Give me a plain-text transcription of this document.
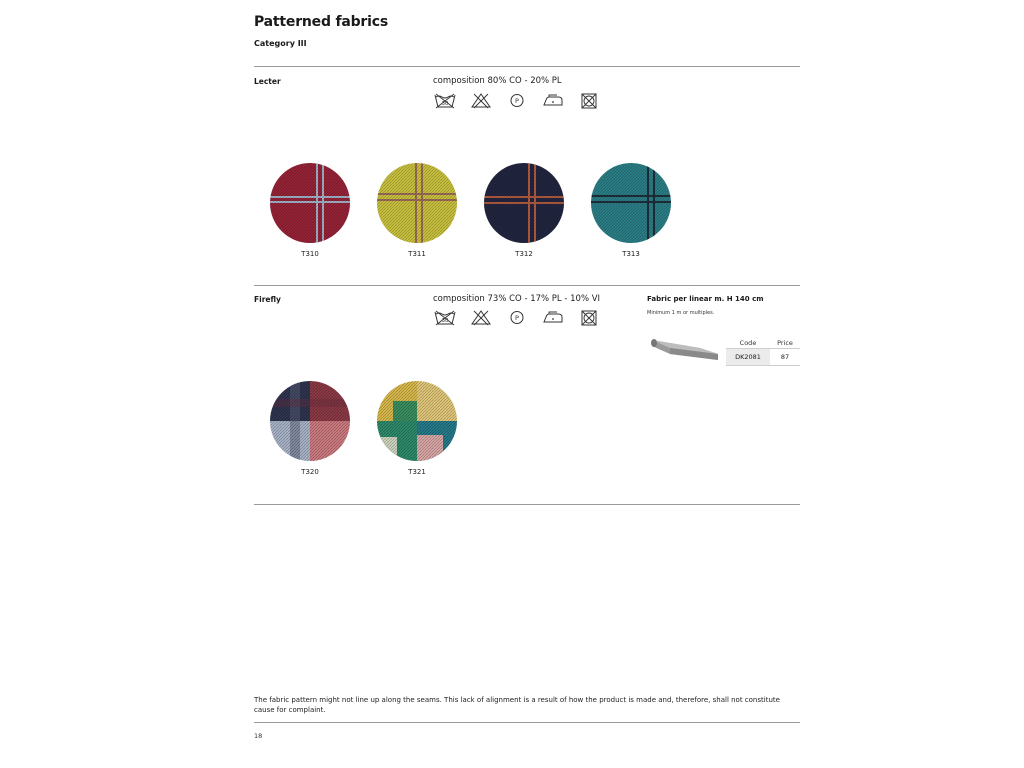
Patterned fabrics
Category III
Lecter	composition 80% CO - 20% PL
30	P
T310	T311	T312	T313
Firefly	composition 73% CO - 17% PL - 10% VI
30	P
Fabric per linear m. H 140 cm
Minimum 1 m or multiples.
Code	Price
DK2081	87
T320	T321
The fabric pattern might not line up along the seams. This lack of alignment is a result of how the product is made and, therefore, shall not constitute cause for complaint.
18
